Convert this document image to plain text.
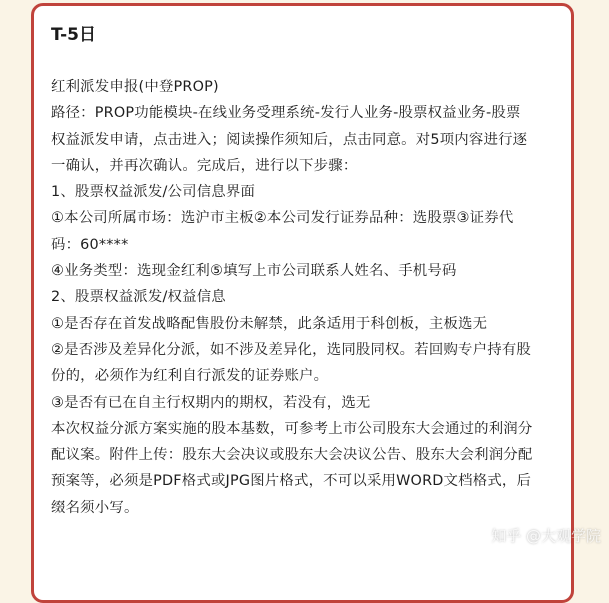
T-5日
红利派发申报(中登PROP)
路径：PROP功能模块-在线业务受理系统-发行人业务-股票权益业务-股票
权益派发申请，点击进入；阅读操作须知后，点击同意。对5项内容进行逐
一确认，并再次确认。完成后，进行以下步骤：
1、股票权益派发/公司信息界面
①本公司所属市场：选沪市主板②本公司发行证券品种：选股票③证券代
码：60****
④业务类型：选现金红利⑤填写上市公司联系人姓名、手机号码
2、股票权益派发/权益信息
①是否存在首发战略配售股份未解禁，此条适用于科创板，主板选无
②是否涉及差异化分派，如不涉及差异化，选同股同权。若回购专户持有股
份的，必须作为红利自行派发的证券账户。
③是否有已在自主行权期内的期权，若没有，选无
本次权益分派方案实施的股本基数，可参考上市公司股东大会通过的利润分
配议案。附件上传：股东大会决议或股东大会决议公告、股东大会利润分配
预案等，必须是PDF格式或JPG图片格式，不可以采用WORD文档格式，后
缀名须小写。
知乎 @大观学院
